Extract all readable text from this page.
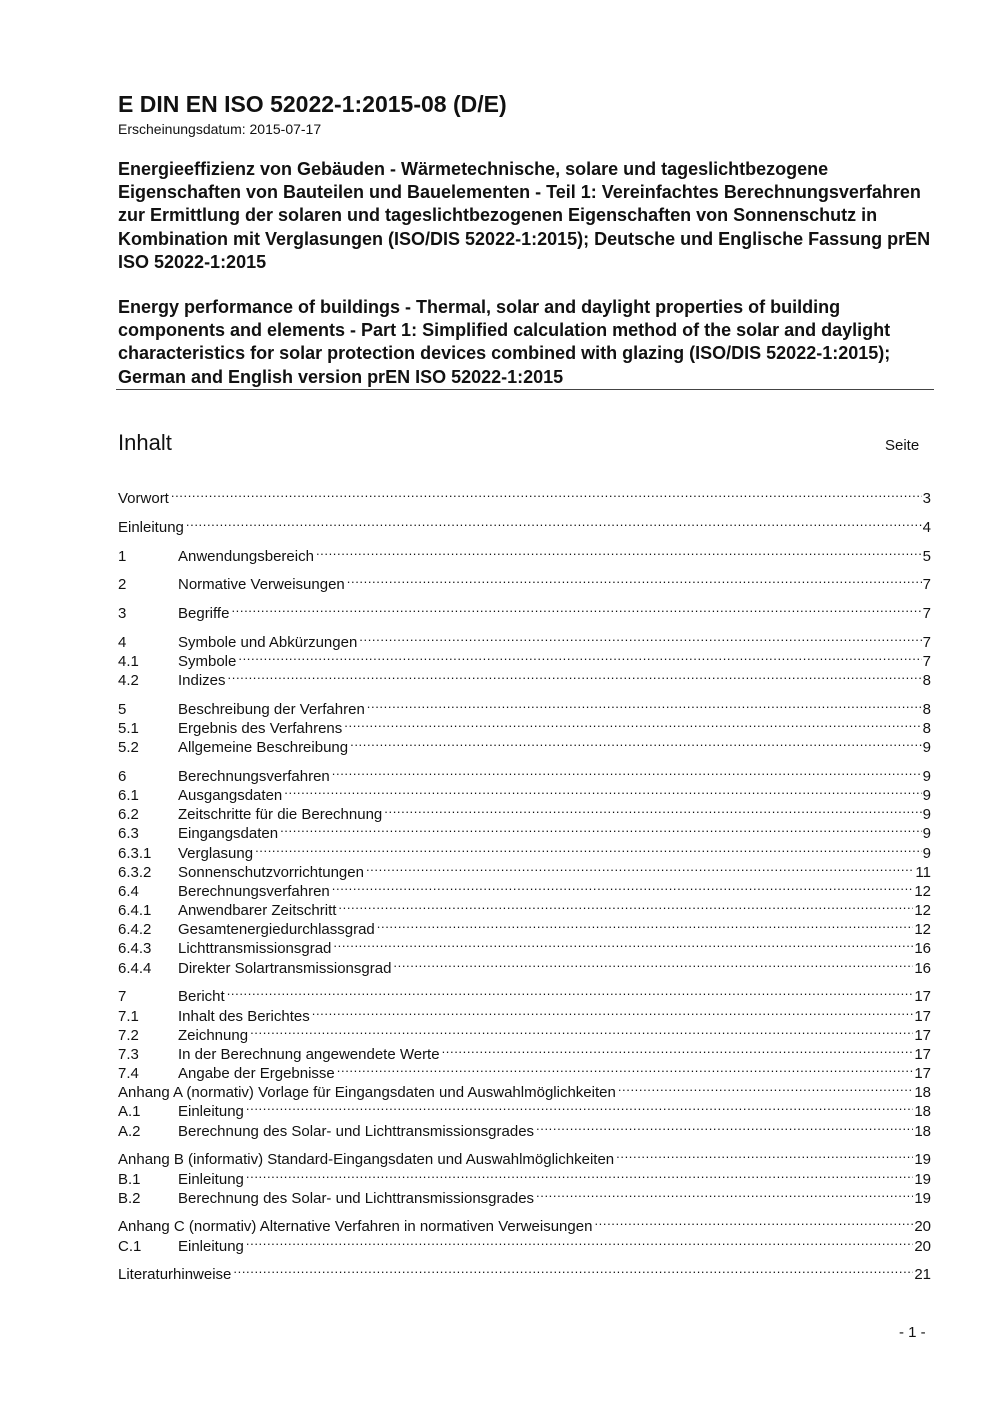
E DIN EN ISO 52022-1:2015-08 (D/E)
Erscheinungsdatum: 2015-07-17
Energieeffizienz von Gebäuden - Wärmetechnische, solare und tageslichtbezogene Eigenschaften von Bauteilen und Bauelementen - Teil 1: Vereinfachtes Berechnungsverfahren zur Ermittlung der solaren und tageslichtbezogenen Eigenschaften von Sonnenschutz in Kombination mit Verglasungen (ISO/DIS 52022-1:2015); Deutsche und Englische Fassung prEN ISO 52022-1:2015
Energy performance of buildings - Thermal, solar and daylight properties of building components and elements - Part 1: Simplified calculation method of the solar and daylight characteristics for solar protection devices combined with glazing (ISO/DIS 52022-1:2015); German and English version prEN ISO 52022-1:2015
Inhalt	Seite
Vorwort .....	3
Einleitung .....	4
1	Anwendungsbereich .....	5
2	Normative Verweisungen .....	7
3	Begriffe .....	7
4	Symbole und Abkürzungen .....	7
4.1	Symbole .....	7
4.2	Indizes .....	8
5	Beschreibung der Verfahren .....	8
5.1	Ergebnis des Verfahrens .....	8
5.2	Allgemeine Beschreibung .....	9
6	Berechnungsverfahren .....	9
6.1	Ausgangsdaten .....	9
6.2	Zeitschritte für die Berechnung .....	9
6.3	Eingangsdaten .....	9
6.3.1	Verglasung .....	9
6.3.2	Sonnenschutzvorrichtungen .....	11
6.4	Berechnungsverfahren .....	12
6.4.1	Anwendbarer Zeitschritt .....	12
6.4.2	Gesamtenergiedurchlassgrad .....	12
6.4.3	Lichttransmissionsgrad .....	16
6.4.4	Direkter Solartransmissionsgrad .....	16
7	Bericht .....	17
7.1	Inhalt des Berichtes .....	17
7.2	Zeichnung .....	17
7.3	In der Berechnung angewendete Werte .....	17
7.4	Angabe der Ergebnisse .....	17
Anhang A (normativ) Vorlage für Eingangsdaten und Auswahlmöglichkeiten .....	18
A.1	Einleitung .....	18
A.2	Berechnung des Solar- und Lichttransmissionsgrades .....	18
Anhang B (informativ) Standard-Eingangsdaten und Auswahlmöglichkeiten .....	19
B.1	Einleitung .....	19
B.2	Berechnung des Solar- und Lichttransmissionsgrades .....	19
Anhang C (normativ) Alternative Verfahren in normativen Verweisungen .....	20
C.1	Einleitung .....	20
Literaturhinweise .....	21
- 1 -
